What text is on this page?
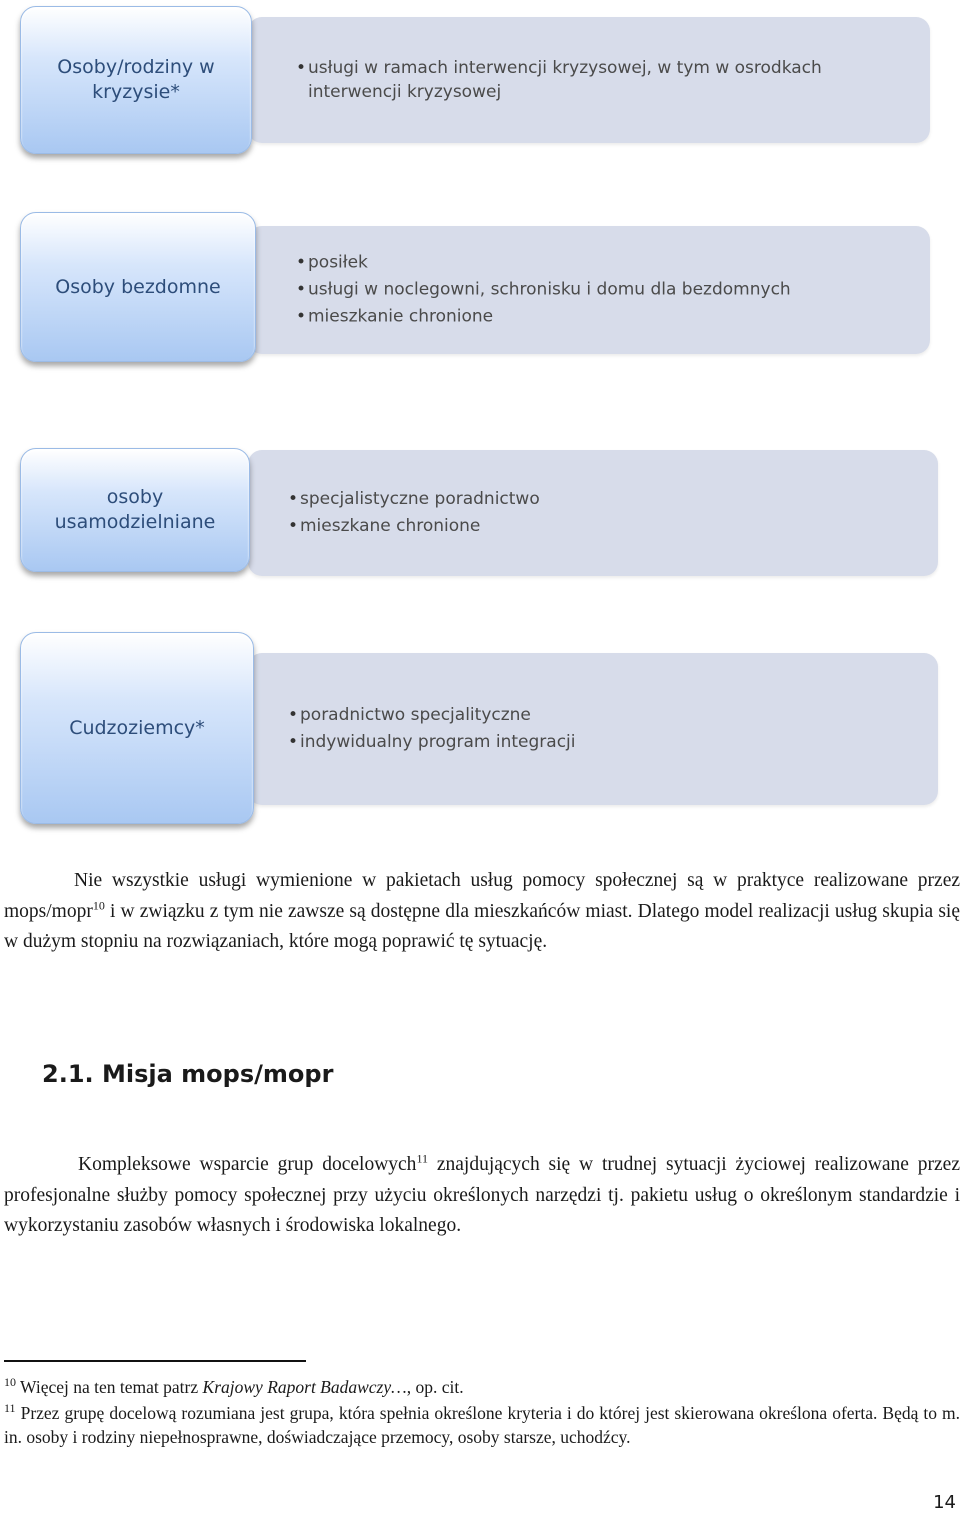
• usługi w ramach interwencji kryzysowej, w tym w osrodkach interwencji kryzysowej
Osoby/rodziny w kryzysie*
• posiłek
• usługi w noclegowni, schronisku i domu dla bezdomnych
• mieszkanie chronione
Osoby bezdomne
• specjalistyczne poradnictwo
• mieszkane chronione
osoby usamodzielniane
• poradnictwo specjalityczne
• indywidualny program integracji
Cudzoziemcy*

Nie wszystkie usługi wymienione w pakietach usług pomocy społecznej są w praktyce realizowane przez mops/mopr$^{10}$ i w związku z tym nie zawsze są dostępne dla mieszkańców miast. Dlatego model realizacji usług skupia się w dużym stopniu na rozwiązaniach, które mogą poprawić tę sytuację.

2.1. Misja mops/mopr

Kompleksowe wsparcie grup docelowych$^{11}$ znajdujących się w trudnej sytuacji życiowej realizowane przez profesjonalne służby pomocy społecznej przy użyciu określonych narzędzi tj. pakietu usług o określonym standardzie i wykorzystaniu zasobów własnych i środowiska lokalnego.

$^{10}$ Więcej na ten temat patrz Krajowy Raport Badawczy…, op. cit.
$^{11}$ Przez grupę docelową rozumiana jest grupa, która spełnia określone kryteria i do której jest skierowana określona oferta. Będą to m. in. osoby i rodziny niepełnosprawne, doświadczające przemocy, osoby starsze, uchodźcy.
14
